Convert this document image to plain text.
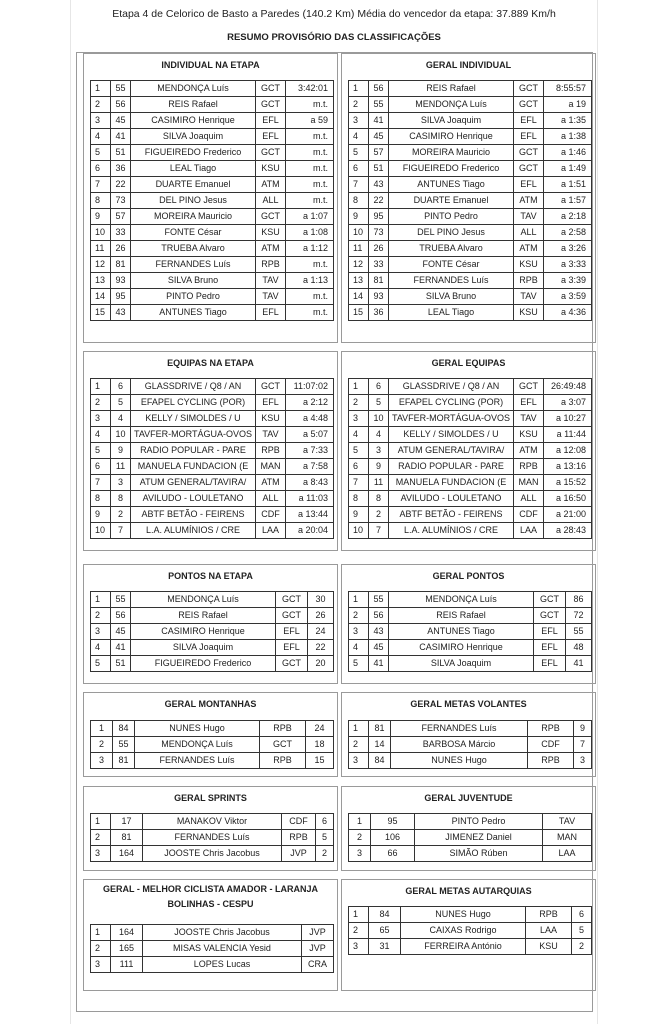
Etapa 4 de Celorico de Basto a Paredes (140.2 Km) Média do vencedor da etapa: 37.889 Km/h
RESUMO PROVISÓRIO DAS CLASSIFICAÇÕES
INDIVIDUAL NA ETAPA
1	55	MENDONÇA Luís	GCT	3:42:01
2	56	REIS Rafael	GCT	m.t.
3	45	CASIMIRO Henrique	EFL	a 59
4	41	SILVA Joaquim	EFL	m.t.
5	51	FIGUEIREDO Frederico	GCT	m.t.
6	36	LEAL Tiago	KSU	m.t.
7	22	DUARTE Emanuel	ATM	m.t.
8	73	DEL PINO Jesus	ALL	m.t.
9	57	MOREIRA Mauricio	GCT	a 1:07
10	33	FONTE César	KSU	a 1:08
11	26	TRUEBA Alvaro	ATM	a 1:12
12	81	FERNANDES Luís	RPB	m.t.
13	93	SILVA Bruno	TAV	a 1:13
14	95	PINTO Pedro	TAV	m.t.
15	43	ANTUNES Tiago	EFL	m.t.
GERAL INDIVIDUAL
1	56	REIS Rafael	GCT	8:55:57
2	55	MENDONÇA Luís	GCT	a 19
3	41	SILVA Joaquim	EFL	a 1:35
4	45	CASIMIRO Henrique	EFL	a 1:38
5	57	MOREIRA Mauricio	GCT	a 1:46
6	51	FIGUEIREDO Frederico	GCT	a 1:49
7	43	ANTUNES Tiago	EFL	a 1:51
8	22	DUARTE Emanuel	ATM	a 1:57
9	95	PINTO Pedro	TAV	a 2:18
10	73	DEL PINO Jesus	ALL	a 2:58
11	26	TRUEBA Alvaro	ATM	a 3:26
12	33	FONTE César	KSU	a 3:33
13	81	FERNANDES Luís	RPB	a 3:39
14	93	SILVA Bruno	TAV	a 3:59
15	36	LEAL Tiago	KSU	a 4:36
EQUIPAS NA ETAPA
1	6	GLASSDRIVE / Q8 / AN	GCT	11:07:02
2	5	EFAPEL CYCLING (POR)	EFL	a 2:12
3	4	KELLY / SIMOLDES / U	KSU	a 4:48
4	10	TAVFER-MORTÁGUA-OVOS	TAV	a 5:07
5	9	RADIO POPULAR - PARE	RPB	a 7:33
6	11	MANUELA FUNDACION (E	MAN	a 7:58
7	3	ATUM GENERAL/TAVIRA/	ATM	a 8:43
8	8	AVILUDO - LOULETANO	ALL	a 11:03
9	2	ABTF BETÃO - FEIRENS	CDF	a 13:44
10	7	L.A. ALUMÍNIOS / CRE	LAA	a 20:04
GERAL EQUIPAS
1	6	GLASSDRIVE / Q8 / AN	GCT	26:49:48
2	5	EFAPEL CYCLING (POR)	EFL	a 3:07
3	10	TAVFER-MORTÁGUA-OVOS	TAV	a 10:27
4	4	KELLY / SIMOLDES / U	KSU	a 11:44
5	3	ATUM GENERAL/TAVIRA/	ATM	a 12:08
6	9	RADIO POPULAR - PARE	RPB	a 13:16
7	11	MANUELA FUNDACION (E	MAN	a 15:52
8	8	AVILUDO - LOULETANO	ALL	a 16:50
9	2	ABTF BETÃO - FEIRENS	CDF	a 21:00
10	7	L.A. ALUMÍNIOS / CRE	LAA	a 28:43
PONTOS NA ETAPA
1	55	MENDONÇA Luís	GCT	30
2	56	REIS Rafael	GCT	26
3	45	CASIMIRO Henrique	EFL	24
4	41	SILVA Joaquim	EFL	22
5	51	FIGUEIREDO Frederico	GCT	20
GERAL PONTOS
1	55	MENDONÇA Luís	GCT	86
2	56	REIS Rafael	GCT	72
3	43	ANTUNES Tiago	EFL	55
4	45	CASIMIRO Henrique	EFL	48
5	41	SILVA Joaquim	EFL	41
GERAL MONTANHAS
1	84	NUNES Hugo	RPB	24
2	55	MENDONÇA Luís	GCT	18
3	81	FERNANDES Luís	RPB	15
GERAL METAS VOLANTES
1	81	FERNANDES Luís	RPB	9
2	14	BARBOSA Márcio	CDF	7
3	84	NUNES Hugo	RPB	3
GERAL SPRINTS
1	17	MANAKOV Viktor	CDF	6
2	81	FERNANDES Luís	RPB	5
3	164	JOOSTE Chris Jacobus	JVP	2
GERAL JUVENTUDE
1	95	PINTO Pedro	TAV
2	106	JIMENEZ Daniel	MAN
3	66	SIMÃO Rúben	LAA
GERAL - MELHOR CICLISTA AMADOR - LARANJA BOLINHAS - CESPU
1	164	JOOSTE Chris Jacobus	JVP
2	165	MISAS VALENCIA Yesid	JVP
3	111	LOPES Lucas	CRA
GERAL METAS AUTARQUIAS
1	84	NUNES Hugo	RPB	6
2	65	CAIXAS Rodrigo	LAA	5
3	31	FERREIRA António	KSU	2
